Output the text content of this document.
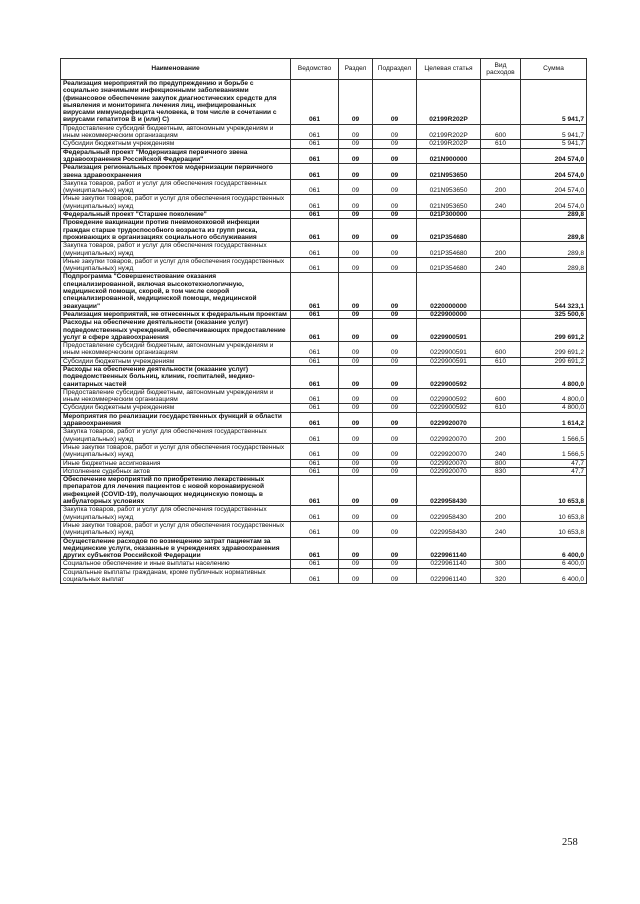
Наименование	Ведомство	Раздел	Подраздел	Целевая статья	Вид расходов	Сумма
Реализация мероприятий по предупреждению и борьбе с социально значимыми инфекционными заболеваниями (финансовое обеспечение закупок диагностических средств для выявления и мониторинга лечения лиц, инфицированных вирусами иммунодефицита человека, в том числе в сочетании с вирусами гепатитов В и (или) С)	061	09	09	02199R202P		5 941,7
Предоставление субсидий бюджетным, автономным учреждениям и иным некоммерческим организациям	061	09	09	02199R202P	600	5 941,7
Субсидии бюджетным учреждениям	061	09	09	02199R202P	610	5 941,7
Федеральный проект "Модернизация первичного звена здравоохранения Российской Федерации"	061	09	09	021N900000		204 574,0
Реализация региональных проектов модернизации первичного звена здравоохранения	061	09	09	021N953650		204 574,0
Закупка товаров, работ и услуг для обеспечения государственных (муниципальных) нужд	061	09	09	021N953650	200	204 574,0
Иные закупки товаров, работ и услуг для обеспечения государственных (муниципальных) нужд	061	09	09	021N953650	240	204 574,0
Федеральный проект "Старшее поколение"	061	09	09	021P300000		289,8
Проведение вакцинации против пневмококковой инфекции граждан старше трудоспособного возраста из групп риска, проживающих в организациях социального обслуживания	061	09	09	021P354680		289,8
Закупка товаров, работ и услуг для обеспечения государственных (муниципальных) нужд	061	09	09	021P354680	200	289,8
Иные закупки товаров, работ и услуг для обеспечения государственных (муниципальных) нужд	061	09	09	021P354680	240	289,8
Подпрограмма "Совершенствование оказания специализированной, включая высокотехнологичную, медицинской помощи, скорой, в том числе скорой специализированной, медицинской помощи, медицинской эвакуации"	061	09	09	0220000000		544 323,1
Реализация мероприятий, не отнесенных к федеральным проектам	061	09	09	0229900000		325 500,6
Расходы на обеспечение деятельности (оказание услуг) подведомственных учреждений, обеспечивающих предоставление услуг в сфере здравоохранения	061	09	09	0229900591		299 691,2
Предоставление субсидий бюджетным, автономным учреждениям и иным некоммерческим организациям	061	09	09	0229900591	600	299 691,2
Субсидии бюджетным учреждениям	061	09	09	0229900591	610	299 691,2
Расходы на обеспечение деятельности (оказание услуг) подведомственных больниц, клиник, госпиталей, медико-санитарных частей	061	09	09	0229900592		4 800,0
Предоставление субсидий бюджетным, автономным учреждениям и иным некоммерческим организациям	061	09	09	0229900592	600	4 800,0
Субсидии бюджетным учреждениям	061	09	09	0229900592	610	4 800,0
Мероприятия по реализации государственных функций в области здравоохранения	061	09	09	0229920070		1 614,2
Закупка товаров, работ и услуг для обеспечения государственных (муниципальных) нужд	061	09	09	0229920070	200	1 566,5
Иные закупки товаров, работ и услуг для обеспечения государственных (муниципальных) нужд	061	09	09	0229920070	240	1 566,5
Иные бюджетные ассигнования	061	09	09	0229920070	800	47,7
Исполнение судебных актов	061	09	09	0229920070	830	47,7
Обеспечение мероприятий по приобретению лекарственных препаратов для лечения пациентов с новой коронавирусной инфекцией (COVID-19), получающих медицинскую помощь в амбулаторных условиях	061	09	09	0229958430		10 653,8
Закупка товаров, работ и услуг для обеспечения государственных (муниципальных) нужд	061	09	09	0229958430	200	10 653,8
Иные закупки товаров, работ и услуг для обеспечения государственных (муниципальных) нужд	061	09	09	0229958430	240	10 653,8
Осуществление расходов по возмещению затрат пациентам за медицинские услуги, оказанные в учреждениях здравоохранения других субъектов Российской Федерации	061	09	09	0229961140		6 400,0
Социальное обеспечение и иные выплаты населению	061	09	09	0229961140	300	6 400,0
Социальные выплаты гражданам, кроме публичных нормативных социальных выплат	061	09	09	0229961140	320	6 400,0
258
